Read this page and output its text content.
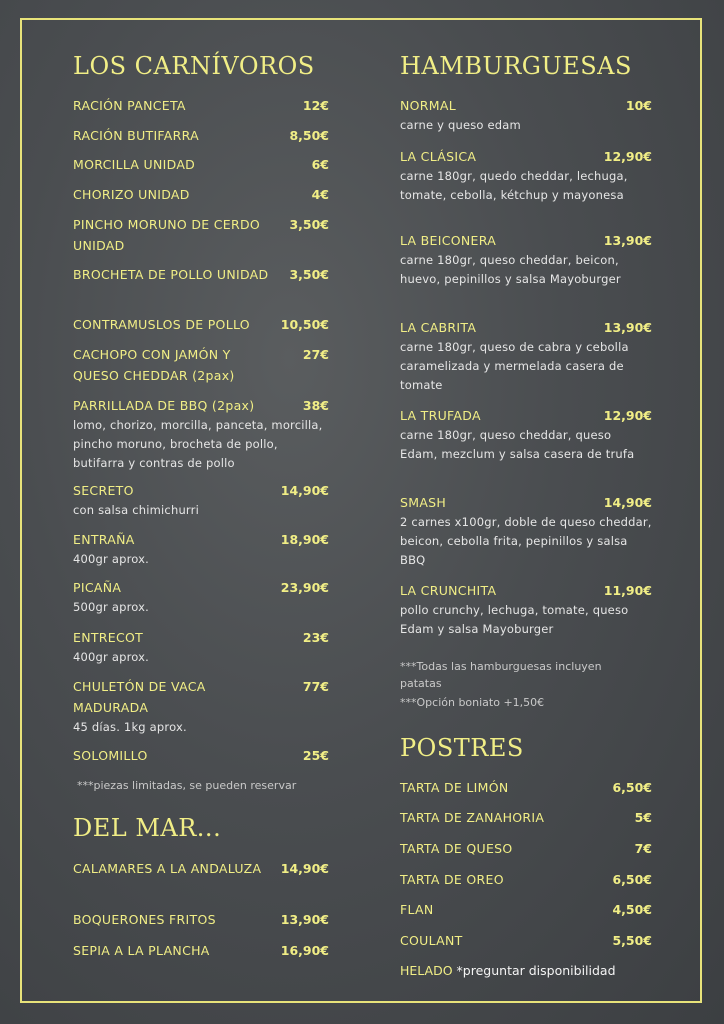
LOS CARNÍVOROS
RACIÓN PANCETA	12€
RACIÓN BUTIFARRA	8,50€
MORCILLA UNIDAD	6€
CHORIZO UNIDAD	4€
PINCHO MORUNO DE CERDO UNIDAD
3,50€
BROCHETA DE POLLO UNIDAD	3,50€
CONTRAMUSLOS DE POLLO	10,50€
CACHOPO CON JAMÓN Y QUESO CHEDDAR (2pax)
27€
PARRILLADA DE BBQ (2pax)	38€
lomo, chorizo, morcilla, panceta, morcilla, pincho moruno, brocheta de pollo, butifarra y contras de pollo
SECRETO	14,90€
con salsa chimichurri
ENTRAÑA	18,90€
400gr aprox.
PICAÑA	23,90€
500gr aprox.
ENTRECOT	23€
400gr aprox.
CHULETÓN DE VACA MADURADA
77€
45 días. 1kg aprox.
SOLOMILLO	25€
***piezas limitadas, se pueden reservar
DEL MAR...
CALAMARES A LA ANDALUZA	14,90€
BOQUERONES FRITOS	13,90€
SEPIA A LA PLANCHA	16,90€
HAMBURGUESAS
NORMAL	10€
carne y queso edam
LA CLÁSICA	12,90€
carne 180gr, quedo cheddar, lechuga, tomate, cebolla, kétchup y mayonesa
LA BEICONERA	13,90€
carne 180gr, queso cheddar, beicon, huevo, pepinillos y salsa Mayoburger
LA CABRITA	13,90€
carne 180gr, queso de cabra y cebolla caramelizada y mermelada casera de tomate
LA TRUFADA	12,90€
carne 180gr, queso cheddar, queso Edam, mezclum y salsa casera de trufa
SMASH	14,90€
2 carnes x100gr, doble de queso cheddar, beicon, cebolla frita, pepinillos y salsa BBQ
LA CRUNCHITA	11,90€
pollo crunchy, lechuga, tomate, queso Edam y salsa Mayoburger
***Todas las hamburguesas incluyen patatas
***Opción boniato +1,50€
POSTRES
TARTA DE LIMÓN	6,50€
TARTA DE ZANAHORIA	5€
TARTA DE QUESO	7€
TARTA DE OREO	6,50€
FLAN	4,50€
COULANT	5,50€
HELADO *preguntar disponibilidad
